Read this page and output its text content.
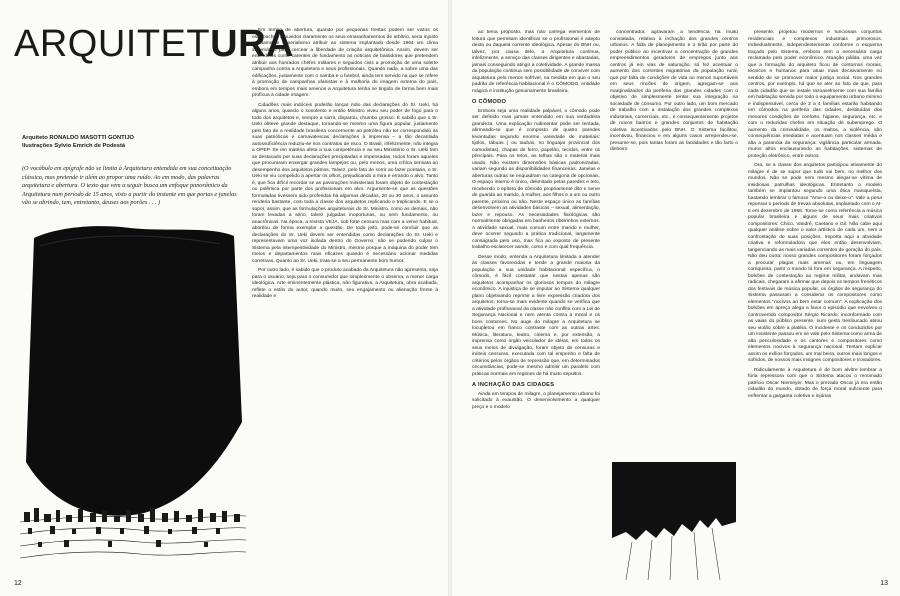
ARQUITETURA
Arquiteto RONALDO MASOTTI GONTIJO
Ilustrações Sylvio Emrich de Podestá
(O vocábulo em epígrafe não se limita à Arquitetura entendida em sua conceituação clássica, mas pretende ir além ao propor uma ruído. Ao em modo, das palavras arquitetura e abertura. O texto que vem a seguir busca um enfoque panorâmico da Arquitetura num período de 15 anos, visto a partir do instante em que portas e janelas vão se abrindo, tem, entretanto, deuses aos porões . . . )

Em tempo de abertura, quando por pequenas frestas podem ser vistos os estrebuchos e ouvidos claramente os seus emaranhamentos de arbítrio, seria injusto e altamente imperialismo atribuir ao sistema implantado desde 1964 um clima sistemático para cercear a liberdade de criação arquitetônica. Assim, devem ser entendidos como carentes de fundamento as notícias de bastidores que pretendem atribuir aos honrados chefes militares e seguidos civis a promoção de uma solerte campanha contra a Arquitetura e seus profissionais. Quando nada, a sobre uma das edificações, justamente com o samba e o futebol, ainda tem servido na que se refere à promoção de campanhas ufanistas e à malhoria do imagem externa do país, embora em tempos mais amenos a Arquitetura tenha se tingido de forma bem mais profícua à cidade imagem.

Cidadões mais indóceis poderão lançar mão das declarações do Sr. Ueki, há alguns anos, quando o sonolento e então Ministro viveu seu poder de fogo para o todo dos arquitetos e, sempre a sorrir, disparou, chumbo grosso. É sabido que o Sr. Ueki obteve grande destaque, tornando-se mesmo uma figura popular, justamente pelo fato de a realidade brasileira concernente ao petróleo não ter correspondido às suas patrióticas e carnavalescas declarações à imprensa – a tão decantada autossuficiência reduziu-se nos contratos de risco. O Brasil, infelizmente, não integra a OPEP. Se em matéria afeta a sua competência e ao seu Ministério o Sr. Ueki tem se destacado por suas declarações precipitadas e impensadas, todos foram aqueles que procuraram enxergar grandes lampejos ou, pelo menos, uma crítica sensata ao desempenho dos arquitetos pátrios. Talvez, pelo fato de sorrir ao fazer pontaria, o Sr. Ueki se viu compelido a apertar os olhos, prejudicando a mira e errando o alvo. Tanto é, que fica difícil recordar se as pavorações ministeriais foram objeto de contestação ou polêmica por parte dos profissionais em alvo. Argumente-se que as questões formuladas tivessem sido proferidas há algumas décadas, 20 ou 30 anos, o assunto renderia bastante, com toda a classe dos arquitetos replicando e treplicando. E se o sopor, assim, que as formulações arquiteturais do Sr. Ministro, como as demais, não foram levadas a sério, talvez julgadas inoportunas, ou sem fundamento, ou anacrônicas. Na época, a revista VEJA, sob forte censura mas com a verve habitual, abordou de forma exemplar a questão. De todo jeito, pode-se concluir que as declarações do Sr. Ueki devem ser entendidas como declarações do Sr. Ueki e representavam uma voz isolada dentro do Governo, não se podendo culpar o Sistema pela intempestividade do Ministro, mesmo porque a máquina do poder tem meios e departamentos mais eficazes quando é necessário acionar medidas corretivas. Quanto ao Sr. Ueki, trata-se a seu permanente bom humor.

Por outro lado, é sabido que o produto acabado da Arquitetura não apresenta, seja para o usuário, seja para o consumidor que simplesmente o observa, a menor carga ideológica. Arte eminentemente plástica, não figurativa, a Arquitetura, obra acabada, reflete o estilo do autor, quando muito, seu engajamento ou alienação frente à realidade e

12

ao tema proposto, mas não carrega elementos de leitura que permitam identificar se o profissional é adepto desta ou daquela corrente ideológica. Apesar do BNH ou, talvez, por causa dele, a Arquitetura continua, infelizmente, a serviço das classes dirigentes e abastadas, jamais conseguindo atingir a coletividade. A grande massa da população continua sem possibilidade de conviver com arquitetura pelo menos sofrível, na medida em que o seu padrão de referência habitacional é o CÔMODO, entidade mágica e institução genuinamente brasileira.

O CÔMODO

Embora seja uma realidade palpável, o cômodo pode ser definido mas jamais entendido em sua verdadeira grandeza. Uma explicação rudimentar pode ser tentada, afirmando-se que é composto de quatro paredes levantadas segundo enorme variedade de materiais: tijolos, tábuas ( ou taubas, no linguajar provincial dos comodistas), chapas de ferro, papelão, tecidos, entre os principais. Para os tetos, as telhas são o material mais usado. Não existem dimensões básicas padronizadas, variam segundo as disponibilidades financeiras. Janelas e aberturas outras se enquadram na categoria de opcionais. O espaço interno é único, delimitado pelas paredes e teto, recebendo o epíteto de cômodo propriamente dito e serve de guarida ao marido, à mulher, aos filhos e a um ou outro parente, próximo ou não. Neste espaço único as famílias desenvolvem as atividades básicas – sexual, alimentação, lazer e repouso. As necessidades fisiológicas são normalmente obrigadas em banheiros ribeirinhos externos. A atividade sexual, mais comum entre marido e mulher, deve ocorrer segundo a prática tradicional, largamente consagrada pelo uso, mas fica ao exposto de presente trabalho esclarecer aonde, como e com qual frequência.

Desse modo, entenda a Arquitetura limitada a atender às classes favorecidas e tende a grande maioria da população a sua unidade habitacional específica, o cômodo, é fácil constatar que nestas apenas são arquitetos acompanhar os gloriosos tempos do milagre econômico. A injustiça de se imputar ao Sistema qualquer plano objetivando reprimir a livre expressão criadora dos arquitetos, torna-se mais evidente quando se verifica que a atividade profissional da classe não conflita com a Lei de Segurança Nacional e nem atenta contra a moral e os bons costumes. No auge do milagre a Arquitetura se locupletou em franco contraste com as outras artes. Música, literatura, teatro, cinema e, por extensão, a imprensa como órgão veiculador de idéias, em todos os seus meios de divulgação, foram objeto de censuras e inúteis censuras, executada com tal empenho e falta de critérios pelos órgãos de repressão que, em determinados circunstâncias, pode-se mesmo admitir um paralelo com práticas normais em regimes de há muito sepultos.

A INCHAÇÃO DAS CIDADES

Ainda em tempos de milagre, o planejamento urbano foi solicitado à exaustão. O desenvolvimento a qualquer preço e o modelo

concentrador, agravaram a tendência há muito constatada, relativa à inchação dos grandes centros urbanos. A falta de planejamento e o tirão por parte do poder público ao incentivar a concentração de grandes empreendimentos geradores de empregos junto aos centros já em vias de saturação, só fez acentuar o aumento dos correntes migratórias da população rural, que por falta de condições de vida ao menos suportáveis em seus rincões de origem, agregam-se aos marginalizados da periferia das grandes cidades com o objetivo de simplesmente tentar sua integração na sociedade de consumo. Por outro lado, um bom mercado de trabalho com a instalação dos grandes complexos industriais, comerciais, etc., e consequentemente projetos de novos bairros e grandes conjuntos de habitação coletiva incentivados pelo BNH. O Sistema facilitou, incentivou, financiou e em alguns casos arrependeu-se, presume-se, pois tantas foram as facilidades e tão farto o dinheiro

presente, projetou modernos e funcionais conjuntos residenciais e complexos industriais primorosos. Individualmente, independentemente conforme o esquema traçado pelo Sistema, embora sem a necessária carga reclamada pelo poder econômico. Atuação pálida, uma vez que a formação do arquiteto ficou de contornos morais, técnicos e humanos para atuar mais decisivamente no sentido de se promover maior justiça social. Nos grandes centros, por exemplo, há que se ater ao fato de que, para cada cidadão que se instale razoavelmente com sua família em habitação servida por todo o equipamento urbano mínimo e indispensável, cerca de 3 a 4 famílias estarão habitando em cômodos na periferia das cidades, destituídas dos menores condições de conforto, higiene, segurança, etc. e com o reduzidas chefes em situação de subemprego. O aumento da criminalidade, os maltos, a violência, são consequências imediatas e acentuam nos classes média e alta a paranóia da segurança: vigilância particular armada, muros altos enclausurando as habitações, sistemas de proteção eletrônico, entre outros.

Ora, se a classe dos arquitetos participou ativamente do milagre é de se supor que tudo vai bem, no melhor dos mundos. Não se pode nem mesmo alegar-se vítima de insidiosas patrulhas ideológicas. Entretanto o modelo também se implantou segundo uma ótica maniqueísta, bastando lembrar o famoso "Ame-o ou deixe-o". Vale a pena repensar o período de trevas absolutas, implantado com o AI-5 em dezembro de 1968. Torne-se como referência a música popular brasileira e alguns de seus mais criativos compositores: Chico, Vandré, Caetano e Gil. Não cabe aqui qualquer análise sobre o valor artístico de cada um, nem a confrontação de suas posições. Importa aqui a atividade criativa e reformuladora que eles então desenvolviam, tangenciando as mais variadas correntes de geração do país. Não deu outra: nosso grandes compositores foram forçados a procurar plagas mais amenas ou, em linguagem corriqueira, partir o mundo lá fora em segurança. A respeito, bolsões de contestação ao regime militar, andavam mas radicais, chegaram a afirmar que depois os tempos frenéticos dos festivais de música popular, os órgãos de segurança do Sistema passaram a considerar os compositores como elementos "nocivos ao bem estar comum". A explicação dos bolsões em apreço alega a favor o episódio que envolveu o controvertido compositor Sérgio Ricardo: inconformado com as vaias do público presente, num gesto tresloucado atirou seu violão sobre a platéia. O incidente e os conduzidos por um insistente passou em se vale pelo Sistema como arma de alta periculosidade e os cantores e compositores como elementos nocivos à segurança nacional. Tentam explicar assim os exílios forçados, um mal beira, outros mais longos e sofridos, de nossos mais insignes compositores e trovadores.

Ridiculamente à Arquitetura é de bom alvitre lembrar a fúria repressora com que o Sistema atacou o renomado patrício Oscar Niemeyer. Mas o prezado Oscar já era então cidadão do mundo, dotado de força moral suficiente para enfrentar a garganta coletiva e injúrias

13
